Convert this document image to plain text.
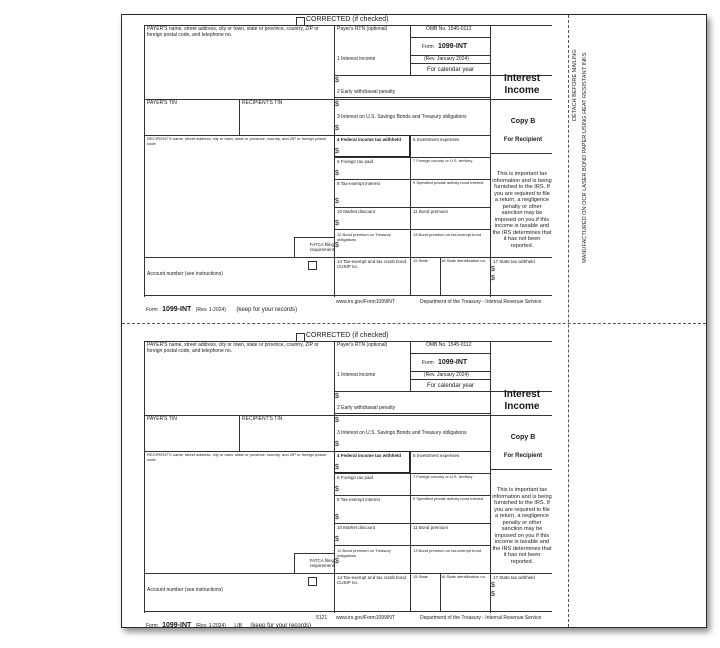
DETACH BEFORE MAILING MANUFACTURED ON OCR LASER BOND PAPER USING HEAT RESISTANT INKS
CORRECTED (if checked)
PAYER'S name, street address, city or town, state or province, country, ZIP or foreign postal code, and telephone no.
PAYER'S TIN	RECIPIENT'S TIN
RECIPIENT'S name, street address, city or town, state or province, country, and ZIP or foreign postal code
FATCA filing requirement
Account number (see instructions)
Payer's RTN (optional)	OMB No. 1545-0112
Form 1099-INT
(Rev. January 2024)
For calendar year
1 Interest income
$
2 Early withdrawal penalty
$
3 Interest on U.S. Savings Bonds and Treasury obligations
$
Interest
Income
Copy B
For Recipient
This is important tax information and is being furnished to the IRS. If you are required to file a return, a negligence penalty or other sanction may be imposed on you if this income is taxable and the IRS determines that it has not been reported.
4 Federal income tax withheld
$
5 Investment expenses
6 Foreign tax paid
$
7 Foreign country or U.S. territory
8 Tax-exempt interest
$
9 Specified private activity bond interest
10 Market discount
$
11 Bond premium
12 Bond premium on Treasury obligations
$
13 Bond premium on tax-exempt bond
14 Tax-exempt and tax credit bond CUSIP no.
15 State	16 State identification no.	17 State tax withheld
$
$
Form 1099-INT (Rev. 1-2024) (keep for your records)
www.irs.gov/Form1099INT	Department of the Treasury - Internal Revenue Service
CORRECTED (if checked)
PAYER'S name, street address, city or town, state or province, country, ZIP or foreign postal code, and telephone no.
PAYER'S TIN	RECIPIENT'S TIN
RECIPIENT'S name, street address, city or town, state or province, country, and ZIP or foreign postal code
FATCA filing requirement
Account number (see instructions)
Payer's RTN (optional)	OMB No. 1545-0112
Form 1099-INT
(Rev. January 2024)
For calendar year
1 Interest income
$
2 Early withdrawal penalty
$
3 Interest on U.S. Savings Bonds and Treasury obligations
$
Interest
Income
Copy B
For Recipient
This is important tax information and is being furnished to the IRS. If you are required to file a return, a negligence penalty or other sanction may be imposed on you if this income is taxable and the IRS determines that it has not been reported.
4 Federal income tax withheld
$
5 Investment expenses
6 Foreign tax paid
$
7 Foreign country or U.S. territory
8 Tax-exempt interest
$
9 Specified private activity bond interest
10 Market discount
$
11 Bond premium
12 Bond premium on Treasury obligations
$
13 Bond premium on tax-exempt bond
14 Tax-exempt and tax credit bond CUSIP no.
15 State	16 State identification no.	17 State tax withheld
$
$
Form 1099-INT (Rev. 1-2024) LIB (keep for your records)
5121 www.irs.gov/Form1099INT	Department of the Treasury - Internal Revenue Service
